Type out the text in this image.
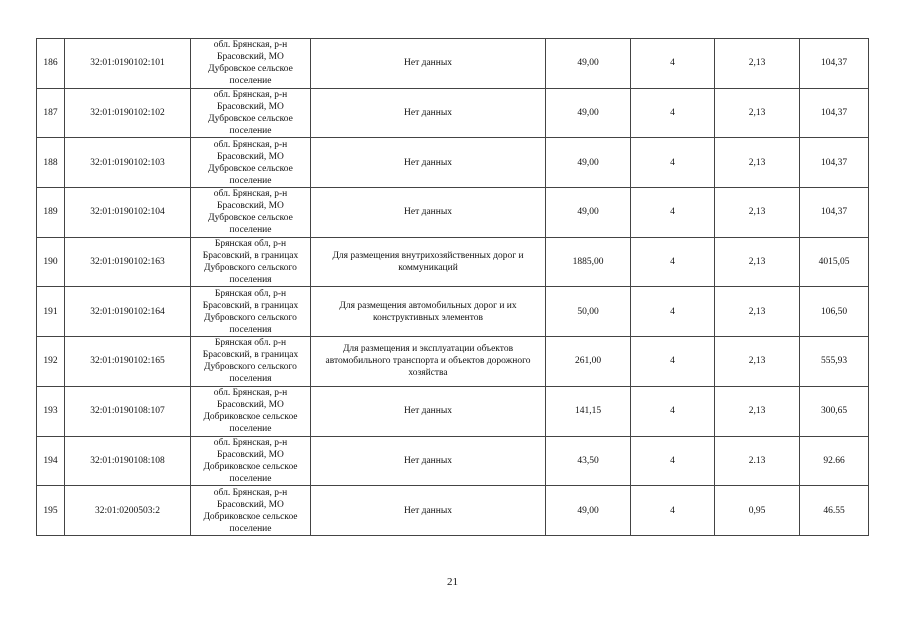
186	32:01:0190102:101	обл. Брянская, р-н Брасовский, МО Дубровское сельское поселение	Нет данных	49,00	4	2,13	104,37
187	32:01:0190102:102	обл. Брянская, р-н Брасовский, МО Дубровское сельское поселение	Нет данных	49,00	4	2,13	104,37
188	32:01:0190102:103	обл. Брянская, р-н Брасовский, МО Дубровское сельское поселение	Нет данных	49,00	4	2,13	104,37
189	32:01:0190102:104	обл. Брянская, р-н Брасовский, МО Дубровское сельское поселение	Нет данных	49,00	4	2,13	104,37
190	32:01:0190102:163	Брянская обл, р-н Брасовский, в границах Дубровского сельского поселения	Для размещения внутрихозяйственных дорог и коммуникаций	1885,00	4	2,13	4015,05
191	32:01:0190102:164	Брянская обл, р-н Брасовский, в границах Дубровского сельского поселения	Для размещения автомобильных дорог и их конструктивных элементов	50,00	4	2,13	106,50
192	32:01:0190102:165	Брянская обл. р-н Брасовский, в границах Дубровского сельского поселения	Для размещения и эксплуатации объектов автомобильного транспорта и объектов дорожного хозяйства	261,00	4	2,13	555,93
193	32:01:0190108:107	обл. Брянская, р-н Брасовский, МО Добриковское сельское поселение	Нет данных	141,15	4	2,13	300,65
194	32:01:0190108:108	обл. Брянская, р-н Брасовский, МО Добриковское сельское поселение	Нет данных	43,50	4	2.13	92.66
195	32:01:0200503:2	обл. Брянская, р-н Брасовский, МО Добриковское сельское поселение	Нет данных	49,00	4	0,95	46.55
21
